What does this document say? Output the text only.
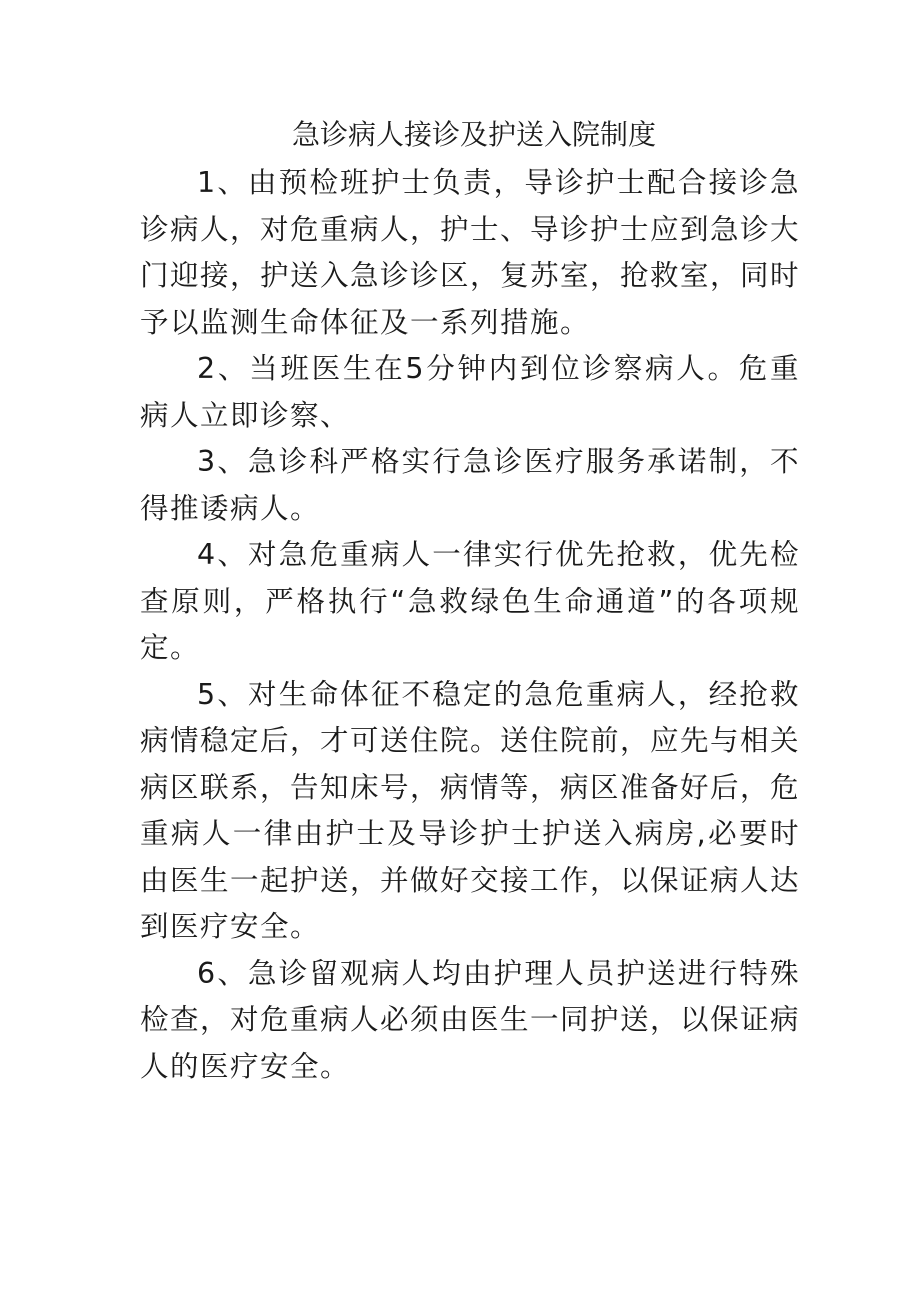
急诊病人接诊及护送入院制度

1、由预检班护士负责，导诊护士配合接诊急诊病人，对危重病人，护士、导诊护士应到急诊大门迎接，护送入急诊诊区，复苏室，抢救室，同时予以监测生命体征及一系列措施。

2、当班医生在5分钟内到位诊察病人。危重病人立即诊察、

3、急诊科严格实行急诊医疗服务承诺制，不得推诿病人。

4、对急危重病人一律实行优先抢救，优先检查原则，严格执行“急救绿色生命通道”的各项规定。

5、对生命体征不稳定的急危重病人，经抢救病情稳定后，才可送住院。送住院前，应先与相关病区联系，告知床号，病情等，病区准备好后，危重病人一律由护士及导诊护士护送入病房,必要时由医生一起护送，并做好交接工作，以保证病人达到医疗安全。

6、急诊留观病人均由护理人员护送进行特殊检查，对危重病人必须由医生一同护送，以保证病人的医疗安全。
